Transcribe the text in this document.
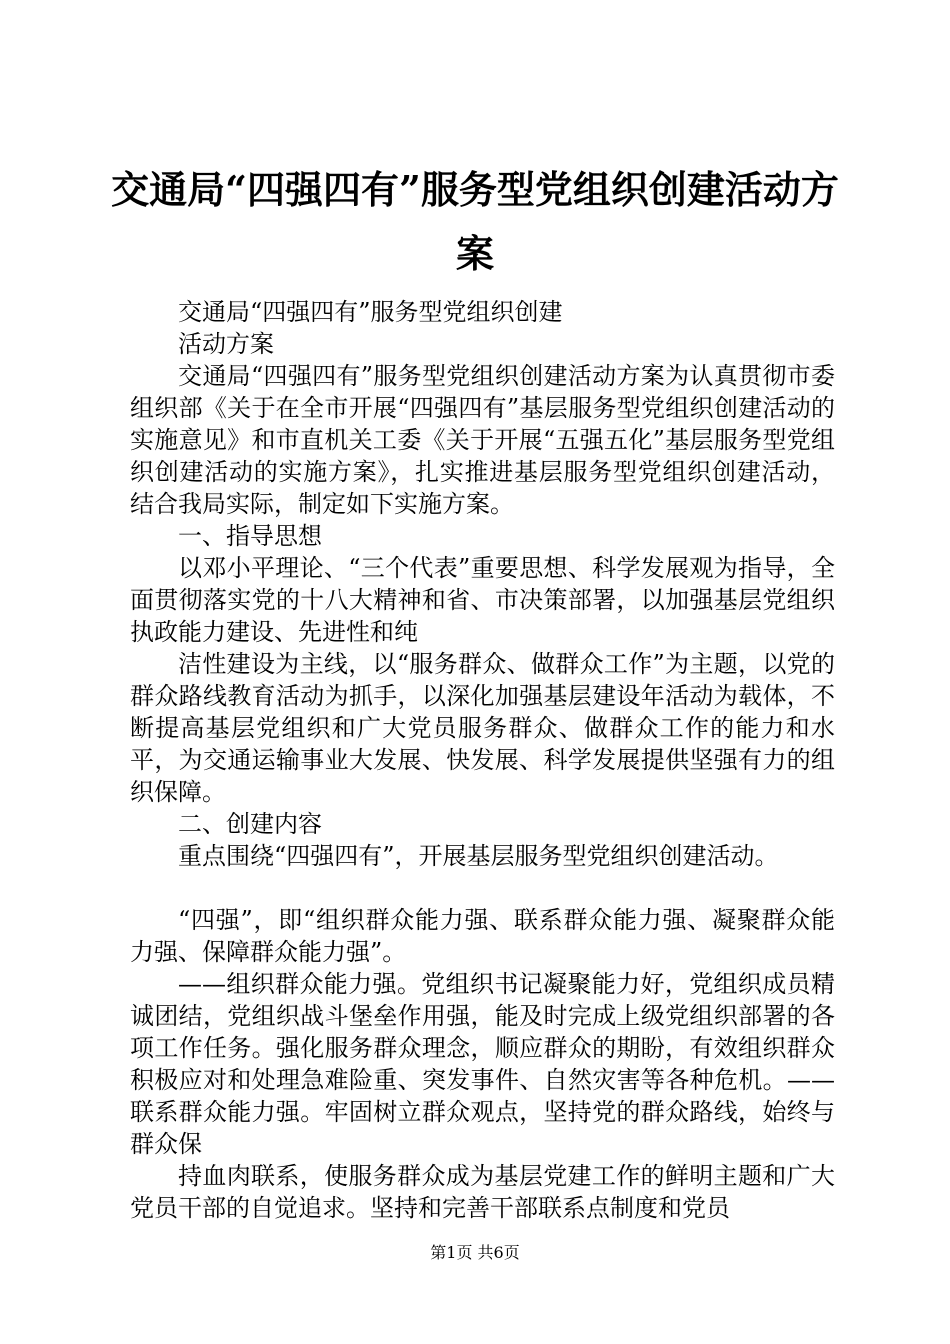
交通局“四强四有”服务型党组织创建活动方案

交通局“四强四有”服务型党组织创建

活动方案

交通局“四强四有”服务型党组织创建活动方案为认真贯彻市委组织部《关于在全市开展“四强四有”基层服务型党组织创建活动的实施意见》和市直机关工委《关于开展“五强五化”基层服务型党组织创建活动的实施方案》，扎实推进基层服务型党组织创建活动，结合我局实际，制定如下实施方案。

一、指导思想

以邓小平理论、“三个代表”重要思想、科学发展观为指导，全面贯彻落实党的十八大精神和省、市决策部署，以加强基层党组织执政能力建设、先进性和纯

洁性建设为主线，以“服务群众、做群众工作”为主题，以党的群众路线教育活动为抓手，以深化加强基层建设年活动为载体，不断提高基层党组织和广大党员服务群众、做群众工作的能力和水平，为交通运输事业大发展、快发展、科学发展提供坚强有力的组织保障。

二、创建内容

重点围绕“四强四有”，开展基层服务型党组织创建活动。

“四强”，即“组织群众能力强、联系群众能力强、凝聚群众能力强、保障群众能力强”。

——组织群众能力强。党组织书记凝聚能力好，党组织成员精诚团结，党组织战斗堡垒作用强，能及时完成上级党组织部署的各项工作任务。强化服务群众理念，顺应群众的期盼，有效组织群众积极应对和处理急难险重、突发事件、自然灾害等各种危机。——联系群众能力强。牢固树立群众观点，坚持党的群众路线，始终与群众保

持血肉联系，使服务群众成为基层党建工作的鲜明主题和广大党员干部的自觉追求。坚持和完善干部联系点制度和党员

第1页 共6页
